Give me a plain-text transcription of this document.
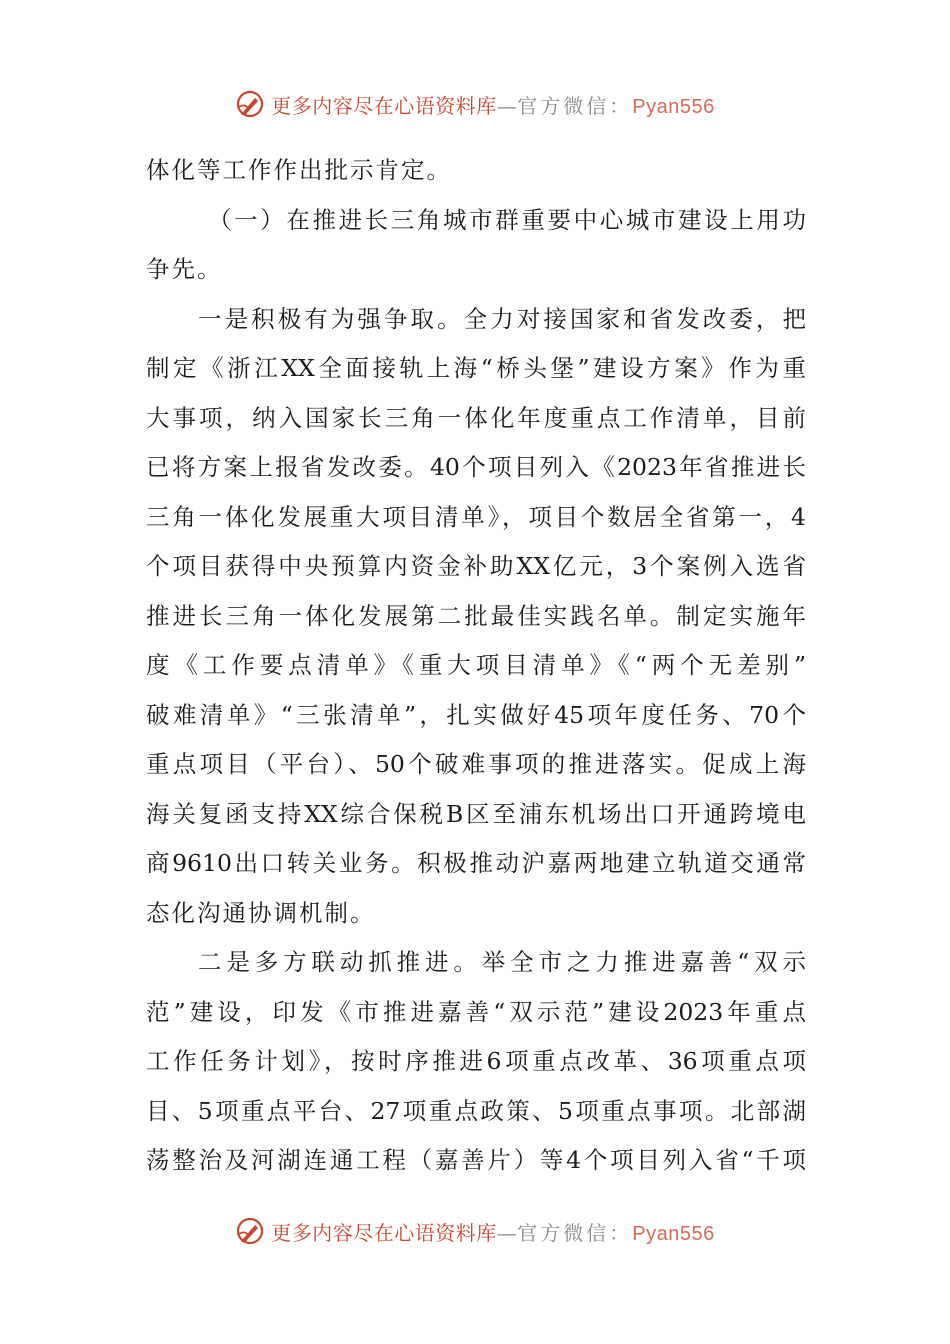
更多内容尽在心语资料库—官方微信：Pyan556
体化等工作作出批示肯定。
（一）在推进长三角城市群重要中心城市建设上用功
争先。
一是积极有为强争取。全力对接国家和省发改委，把
制定《浙江XX全面接轨上海“桥头堡”建设方案》作为重
大事项，纳入国家长三角一体化年度重点工作清单，目前
已将方案上报省发改委。40个项目列入《2023年省推进长
三角一体化发展重大项目清单》，项目个数居全省第一，4
个项目获得中央预算内资金补助XX亿元，3个案例入选省
推进长三角一体化发展第二批最佳实践名单。制定实施年
度《工作要点清单》《重大项目清单》《“两个无差别”
破难清单》“三张清单”，扎实做好45项年度任务、70个
重点项目（平台）、50个破难事项的推进落实。促成上海
海关复函支持XX综合保税B区至浦东机场出口开通跨境电
商9610出口转关业务。积极推动沪嘉两地建立轨道交通常
态化沟通协调机制。
二是多方联动抓推进。举全市之力推进嘉善“双示
范”建设，印发《市推进嘉善“双示范”建设2023年重点
工作任务计划》，按时序推进6项重点改革、36项重点项
目、5项重点平台、27项重点政策、5项重点事项。北部湖
荡整治及河湖连通工程（嘉善片）等4个项目列入省“千项
更多内容尽在心语资料库—官方微信：Pyan556
